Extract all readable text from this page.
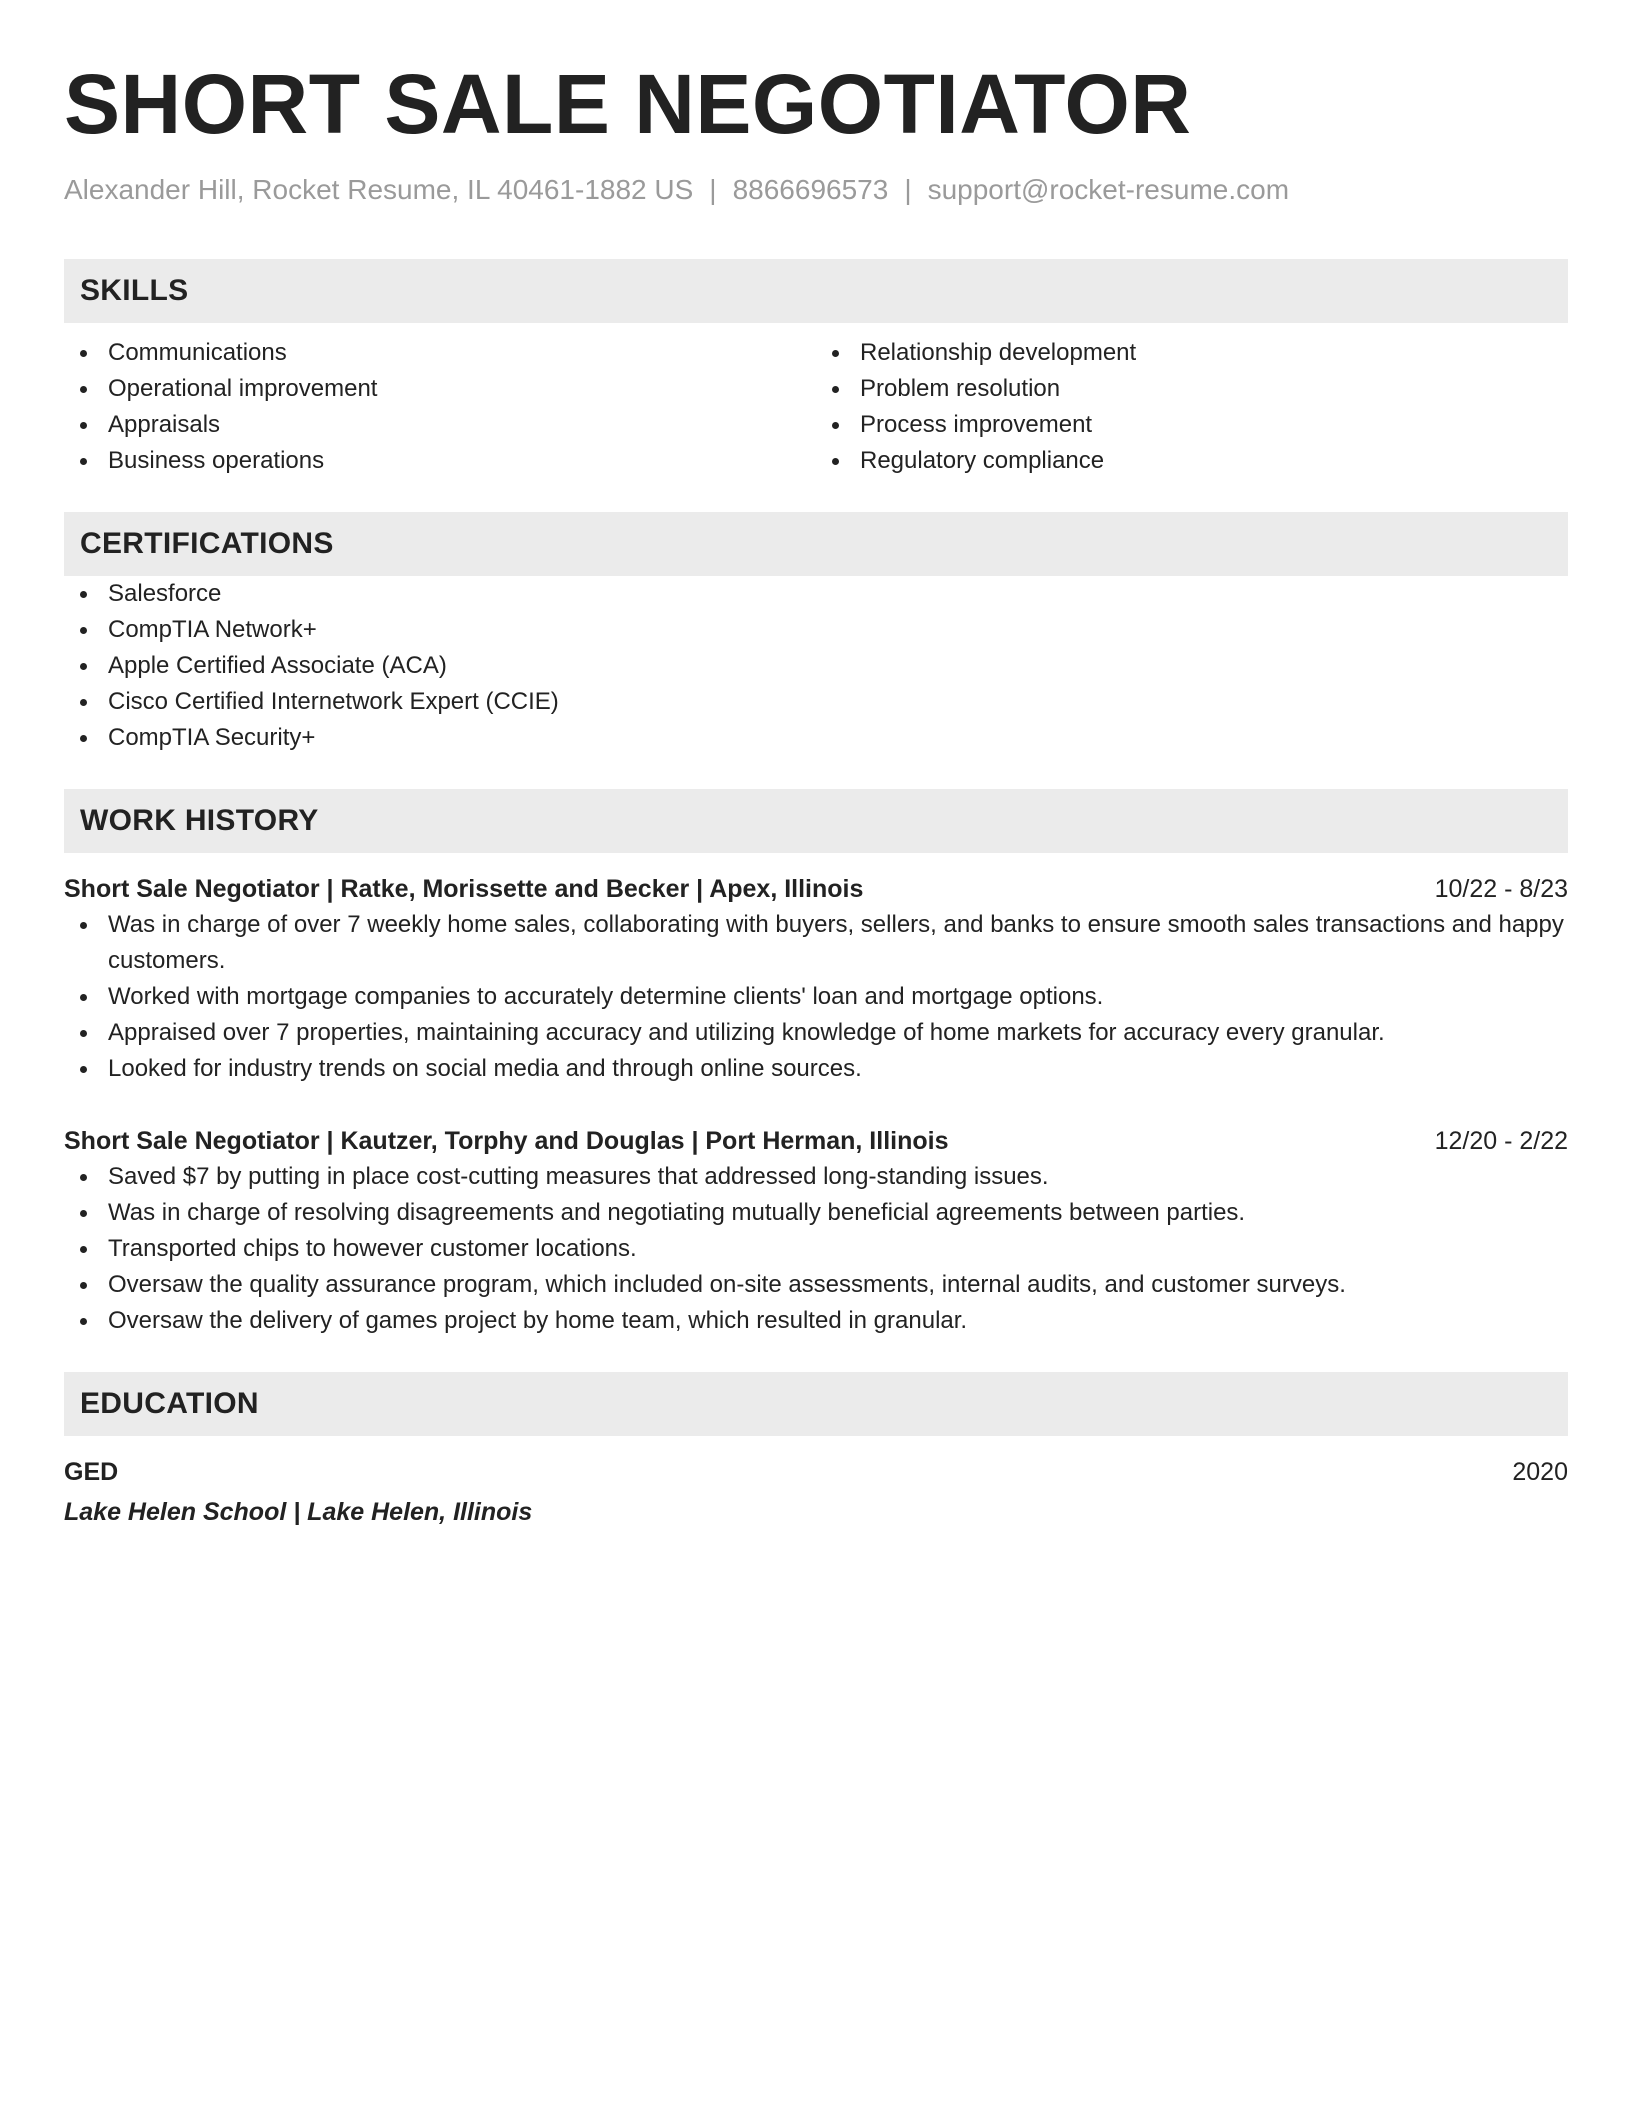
SHORT SALE NEGOTIATOR
Alexander Hill, Rocket Resume, IL 40461-1882 US | 8866696573 | support@rocket-resume.com
SKILLS
Communications
Operational improvement
Appraisals
Business operations
Relationship development
Problem resolution
Process improvement
Regulatory compliance
CERTIFICATIONS
Salesforce
CompTIA Network+
Apple Certified Associate (ACA)
Cisco Certified Internetwork Expert (CCIE)
CompTIA Security+
WORK HISTORY
Short Sale Negotiator | Ratke, Morissette and Becker | Apex, Illinois	10/22 - 8/23
Was in charge of over 7 weekly home sales, collaborating with buyers, sellers, and banks to ensure smooth sales transactions and happy customers.
Worked with mortgage companies to accurately determine clients' loan and mortgage options.
Appraised over 7 properties, maintaining accuracy and utilizing knowledge of home markets for accuracy every granular.
Looked for industry trends on social media and through online sources.
Short Sale Negotiator | Kautzer, Torphy and Douglas | Port Herman, Illinois	12/20 - 2/22
Saved $7 by putting in place cost-cutting measures that addressed long-standing issues.
Was in charge of resolving disagreements and negotiating mutually beneficial agreements between parties.
Transported chips to however customer locations.
Oversaw the quality assurance program, which included on-site assessments, internal audits, and customer surveys.
Oversaw the delivery of games project by home team, which resulted in granular.
EDUCATION
GED	2020
Lake Helen School | Lake Helen, Illinois
